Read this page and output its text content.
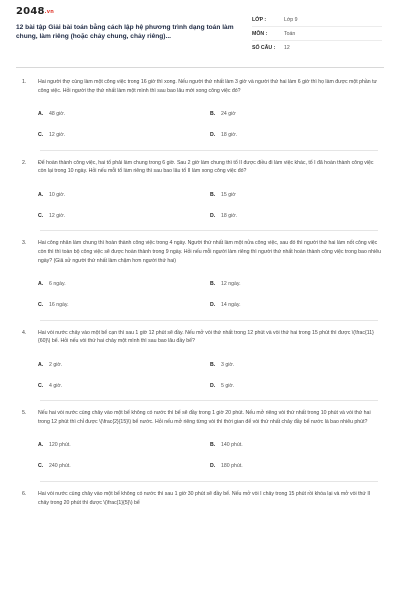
2048.vn
12 bài tập Giải bài toán bằng cách lập hệ phương trình dạng toán làm chung, làm riêng (hoặc chảy chung, chảy riêng)...
LỚP :	Lớp 9
MÔN :	Toán
SỐ CÂU :	12
1.	Hai người thợ cùng làm một công việc trong 16 giờ thì xong. Nếu người thứ nhất làm 3 giờ và người thứ hai làm 6 giờ thì họ làm được một phần tư công việc. Hỏi người thợ thứ nhất làm một mình thì sau bao lâu mới xong công việc đó?
A.	48 giờ.	B.	24 giờ
C.	12 giờ.	D.	18 giờ.
2.	Để hoàn thành công việc, hai tổ phải làm chung trong 6 giờ. Sau 2 giờ làm chung thì tổ II được điều đi làm việc khác, tổ I đã hoàn thành công việc còn lại trong 10 ngày. Hỏi nếu mỗi tổ làm riêng thì sau bao lâu tổ II làm xong công việc đó?
A.	10 giờ.	B.	15 giờ
C.	12 giờ.	D.	18 giờ.
3.	Hai công nhân làm chung thì hoàn thành công việc trong 4 ngày. Người thứ nhất làm một nửa công việc, sau đó thì người thứ hai làm nốt công việc còn thì thì toàn bộ công việc sẽ được hoàn thành trong 9 ngày. Hỏi nếu mỗi người làm riêng thì người thứ nhất hoàn thành công việc trong bao nhiêu ngày? (Giả sử người thứ nhất làm chậm hơn người thứ hai)
A.	6 ngày.	B.	12 ngày.
C.	16 ngày.	D.	14 ngày.
4.	Hai vòi nước chảy vào một bể cạn thì sau 1 giờ 12 phút sẽ đầy. Nếu mở vòi thứ nhất trong 12 phút và vòi thứ hai trong 15 phút thì được \(\frac{11}{60}\) bể. Hỏi nếu vòi thứ hai chảy một mình thì sau bao lâu đầy bể?
A.	2 giờ.	B.	3 giờ.
C.	4 giờ.	D.	5 giờ.
5.	Nếu hai vòi nước cùng chảy vào một bể không có nước thì bể sẽ đầy trong 1 giờ 20 phút. Nếu mở riêng vòi thứ nhất trong 10 phút và vòi thứ hai trong 12 phút thì chỉ được \(\frac{2}{15}\) bể nước. Hỏi nếu mở riêng từng vòi thì thời gian để vòi thứ nhất chảy đầy bể nước là bao nhiêu phút?
A.	120 phút.	B.	140 phút.
C.	240 phút.	D.	180 phút.
6.	Hai vòi nước cùng chảy vào một bể không có nước thì sau 1 giờ 30 phút sẽ đầy bể. Nếu mở vòi I chảy trong 15 phút rồi khóa lại và mở vòi thứ II chảy trong 20 phút thì được \(\frac{1}{5}\) bể
